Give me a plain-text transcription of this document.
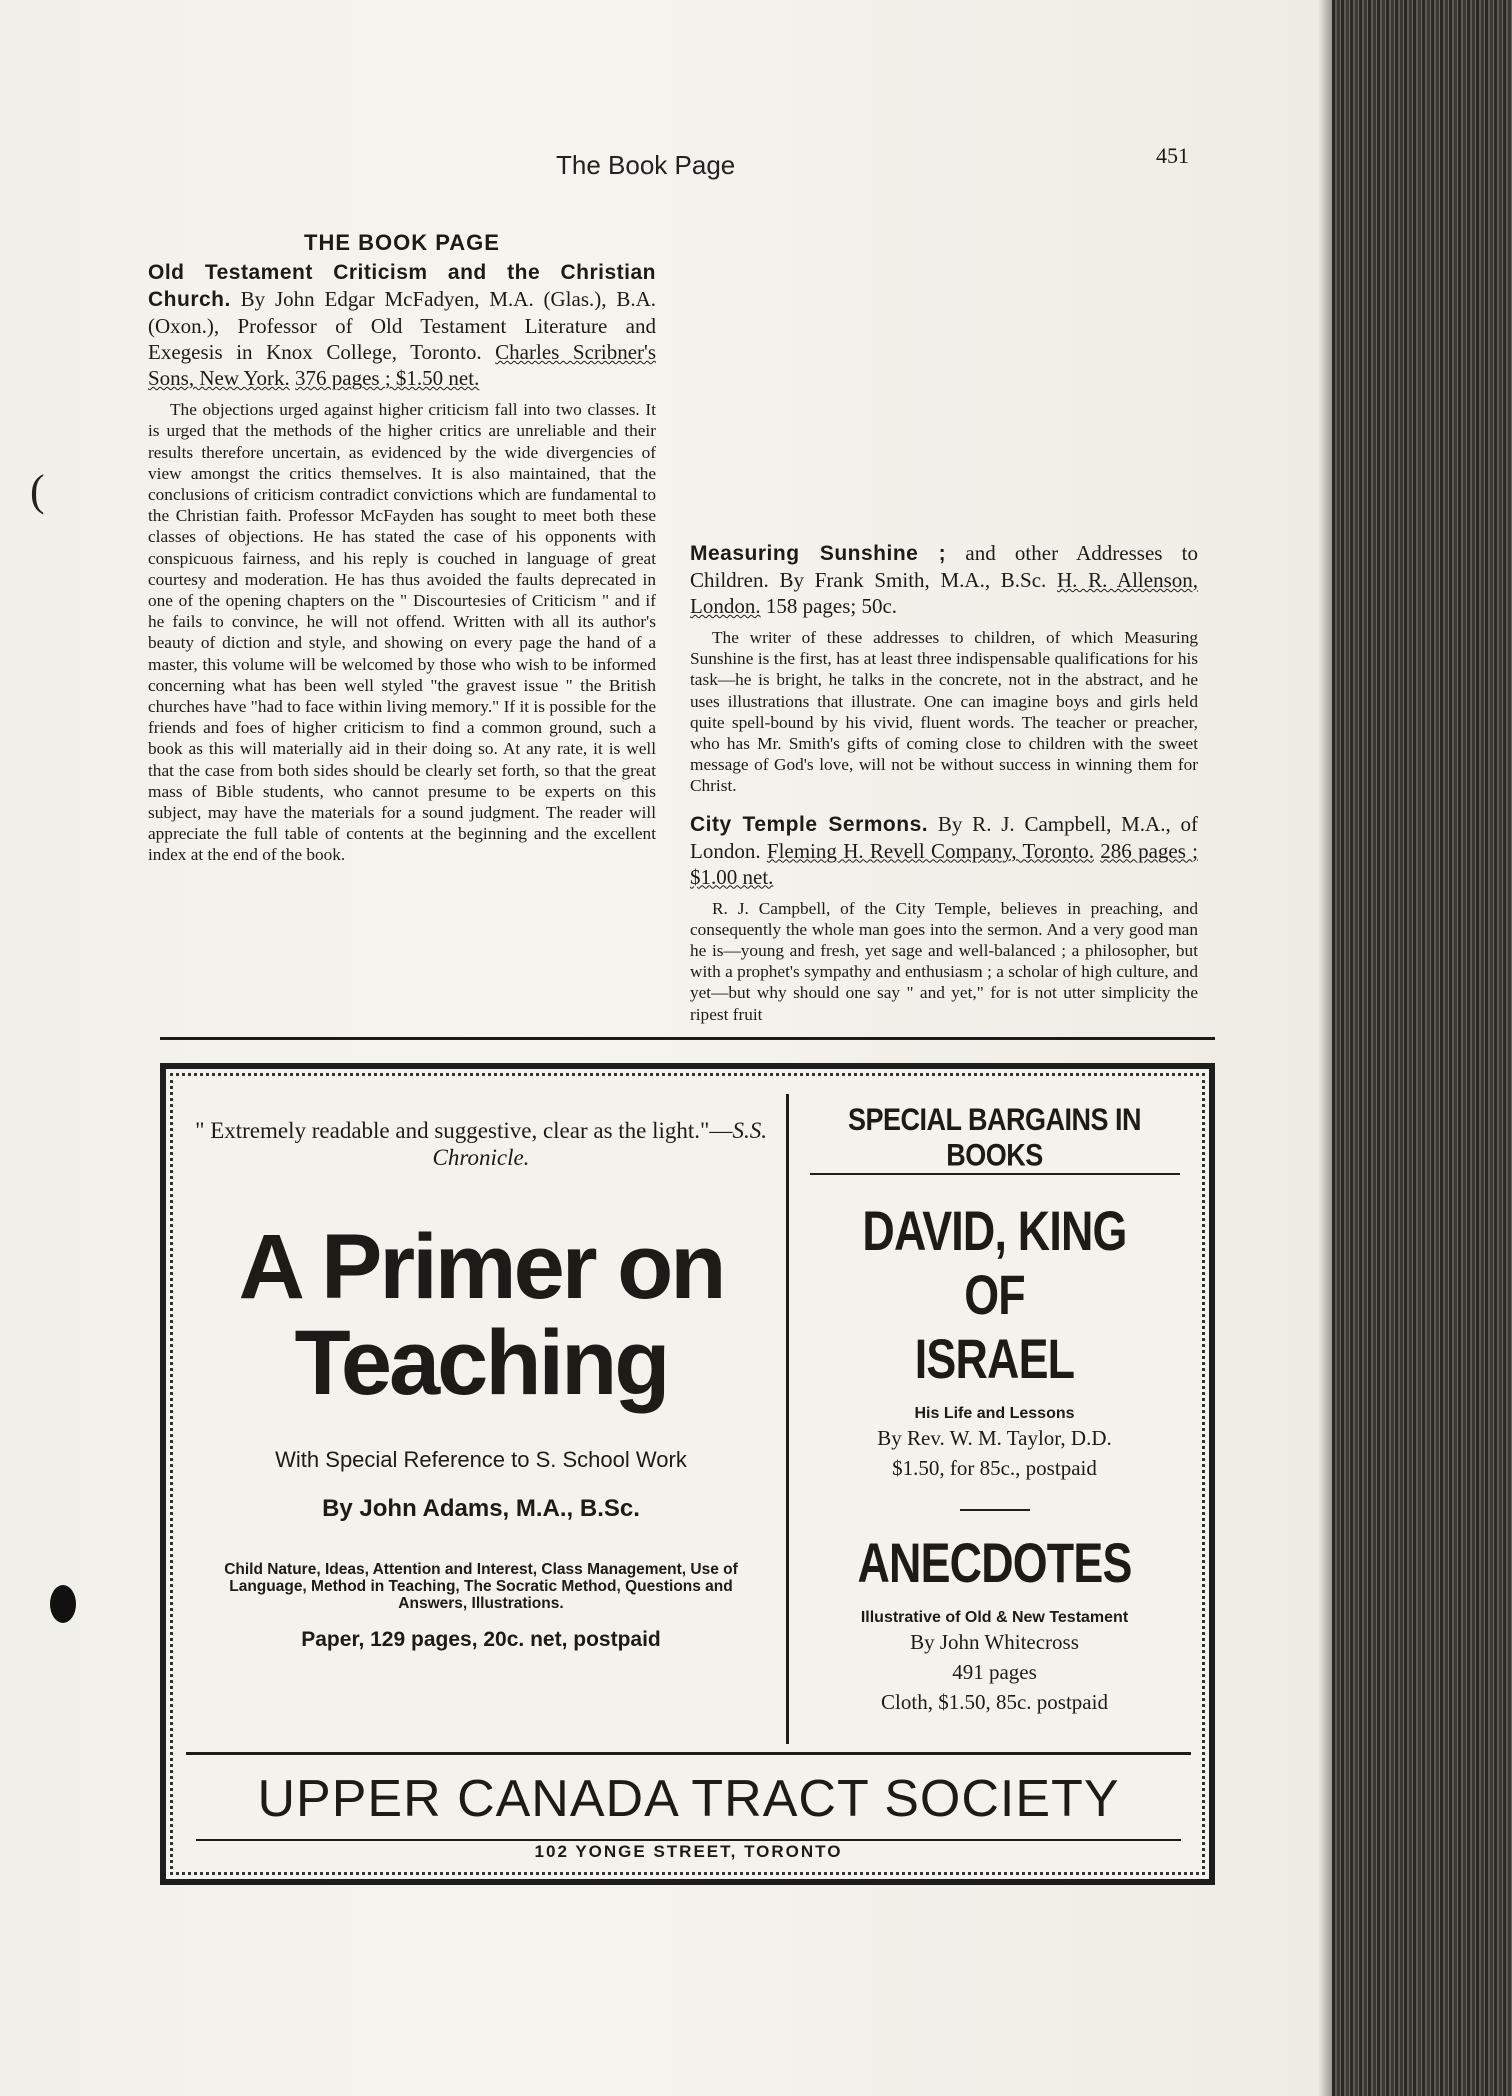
(
The Book Page	451
THE BOOK PAGE
Old Testament Criticism and the Christian Church. By John Edgar McFadyen, M.A. (Glas.), B.A. (Oxon.), Professor of Old Testament Literature and Exegesis in Knox College, Toronto. Charles Scribner's Sons, New York. 376 pages ; $1.50 net.

The objections urged against higher criticism fall into two classes. It is urged that the methods of the higher critics are unreliable and their results therefore uncertain, as evidenced by the wide divergencies of view amongst the critics themselves. It is also maintained, that the conclusions of criticism contradict convictions which are fundamental to the Christian faith. Professor McFayden has sought to meet both these classes of objections. He has stated the case of his opponents with conspicuous fairness, and his reply is couched in language of great courtesy and moderation. He has thus avoided the faults deprecated in one of the opening chapters on the " Discourtesies of Criticism " and if he fails to convince, he will not offend. Written with all its author's beauty of diction and style, and showing on every page the hand of a master, this volume will be welcomed by those who wish to be informed concerning what has been well styled "the gravest issue " the British churches have "had to face within living memory." If it is possible for the friends and foes of higher criticism to find a common ground, such a book as this will materially aid in their doing so. At any rate, it is well that the case from both sides should be clearly set forth, so that the great mass of Bible students, who cannot presume to be experts on this subject, may have the materials for a sound judgment. The reader will appreciate the full table of contents at the beginning and the excellent index at the end of the book.

Measuring Sunshine ; and other Addresses to Children. By Frank Smith, M.A., B.Sc. H. R. Allenson, London. 158 pages; 50c.

The writer of these addresses to children, of which Measuring Sunshine is the first, has at least three indispensable qualifications for his task—he is bright, he talks in the concrete, not in the abstract, and he uses illustrations that illustrate. One can imagine boys and girls held quite spell-bound by his vivid, fluent words. The teacher or preacher, who has Mr. Smith's gifts of coming close to children with the sweet message of God's love, will not be without success in winning them for Christ.

City Temple Sermons. By R. J. Campbell, M.A., of London. Fleming H. Revell Company, Toronto. 286 pages ; $1.00 net.

R. J. Campbell, of the City Temple, believes in preaching, and consequently the whole man goes into the sermon. And a very good man he is—young and fresh, yet sage and well-balanced ; a philosopher, but with a prophet's sympathy and enthusiasm ; a scholar of high culture, and yet—but why should one say " and yet," for is not utter simplicity the ripest fruit

" Extremely readable and suggestive, clear as the light."—S.S. Chronicle.
A Primer on
Teaching
With Special Reference to S. School Work
By John Adams, M.A., B.Sc.
Child Nature, Ideas, Attention and Interest, Class Management, Use of Language, Method in Teaching, The Socratic Method, Questions and Answers, Illustrations.
Paper, 129 pages, 20c. net, postpaid
SPECIAL BARGAINS IN BOOKS
DAVID, KING OF
ISRAEL
His Life and Lessons
By Rev. W. M. Taylor, D.D.
$1.50, for 85c., postpaid
ANECDOTES
Illustrative of Old & New Testament
By John Whitecross
491 pages
Cloth, $1.50, 85c. postpaid
UPPER CANADA TRACT SOCIETY
102 YONGE STREET, TORONTO
